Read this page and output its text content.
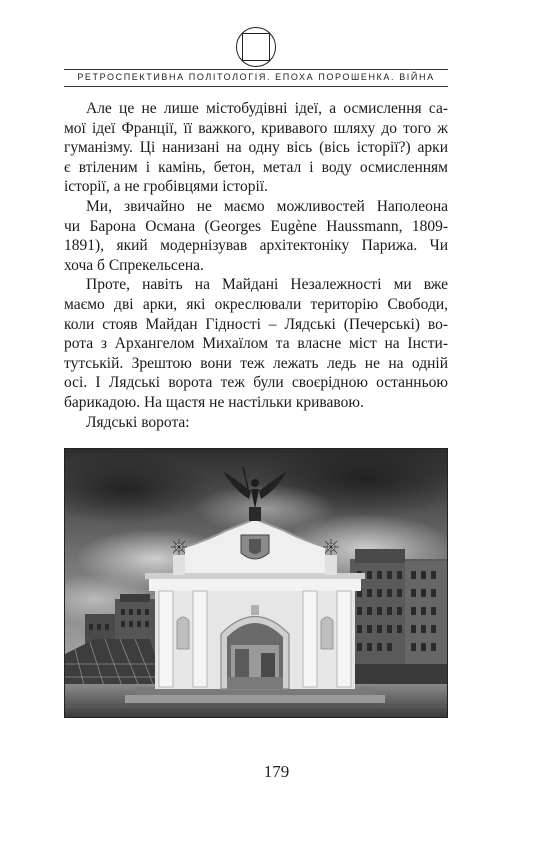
РЕТРОСПЕКТИВНА ПОЛІТОЛОГІЯ. ЕПОХА ПОРОШЕНКА. ВІЙНА
Але це не лише містобудівні ідеї, а осмислення са-
мої ідеї Франції, її важкого, кривавого шляху до того ж
гуманізму. Ці нанизані на одну вісь (вісь історії?) арки
є втіленим і камінь, бетон, метал і воду осмисленням
історії, а не гробівцями історії.
Ми, звичайно не маємо можливостей Наполеона
чи Барона Османа (Georges Eugène Haussmann, 1809-
1891), який модернізував архітектоніку Парижа. Чи
хоча б Спрекельсена.
Проте, навіть на Майдані Незалежності ми вже
маємо дві арки, які окреслювали територію Свободи,
коли стояв Майдан Гідності – Лядські (Печерські) во-
рота з Архангелом Михаїлом та власне міст на Інсти-
тутській. Зрештою вони теж лежать ледь не на одній
осі. І Лядські ворота теж були своєрідною останньою
барикадою. На щастя не настільки кривавою.
Лядські ворота:
179
